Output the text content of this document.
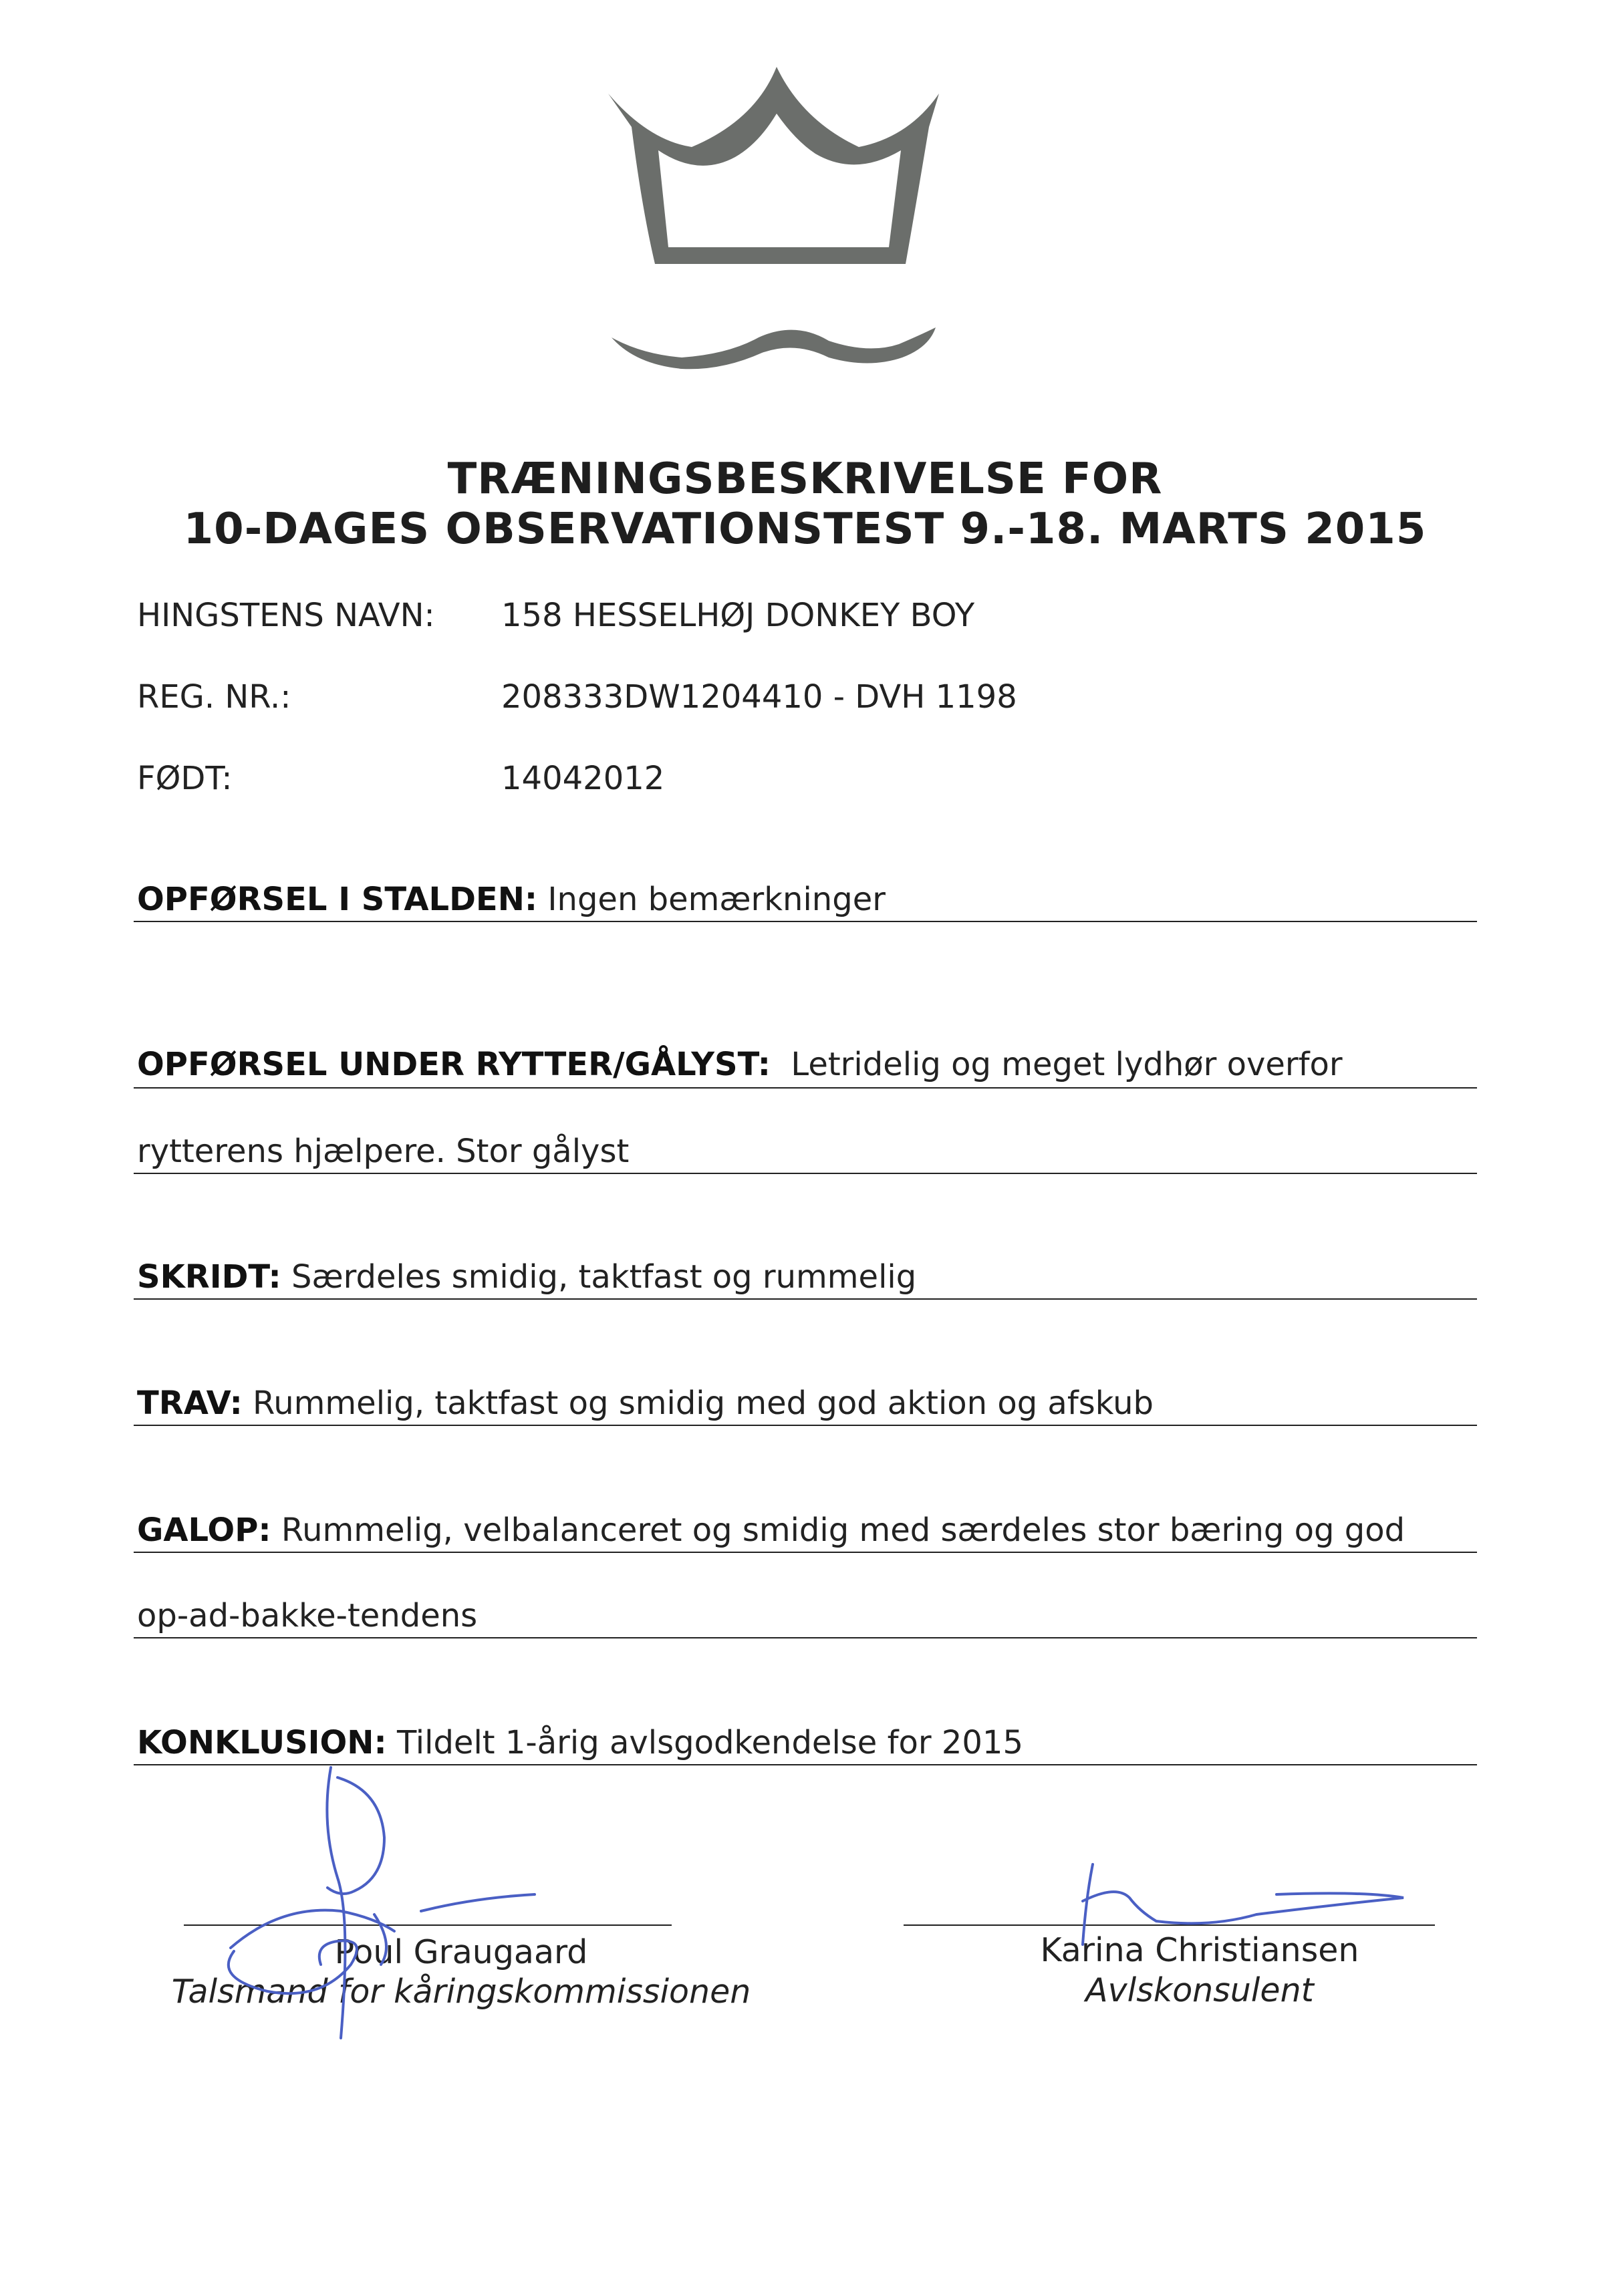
TRÆNINGSBESKRIVELSE FOR
10-DAGES OBSERVATIONSTEST 9.-18. MARTS 2015
HINGSTENS NAVN: 158 HESSELHØJ DONKEY BOY
REG. NR.:	208333DW1204410 - DVH 1198
FØDT:	14042012
OPFØRSEL I STALDEN: Ingen bemærkninger
OPFØRSEL UNDER RYTTER/GÅLYST: Letridelig og meget lydhør overfor
rytterens hjælpere. Stor gålyst
SKRIDT: Særdeles smidig, taktfast og rummelig
TRAV: Rummelig, taktfast og smidig med god aktion og afskub
GALOP: Rummelig, velbalanceret og smidig med særdeles stor bæring og god
op-ad-bakke-tendens
KONKLUSION: Tildelt 1-årig avlsgodkendelse for 2015
Poul Graugaard
Talsmand for kåringskommissionen
Karina Christiansen
Avlskonsulent
